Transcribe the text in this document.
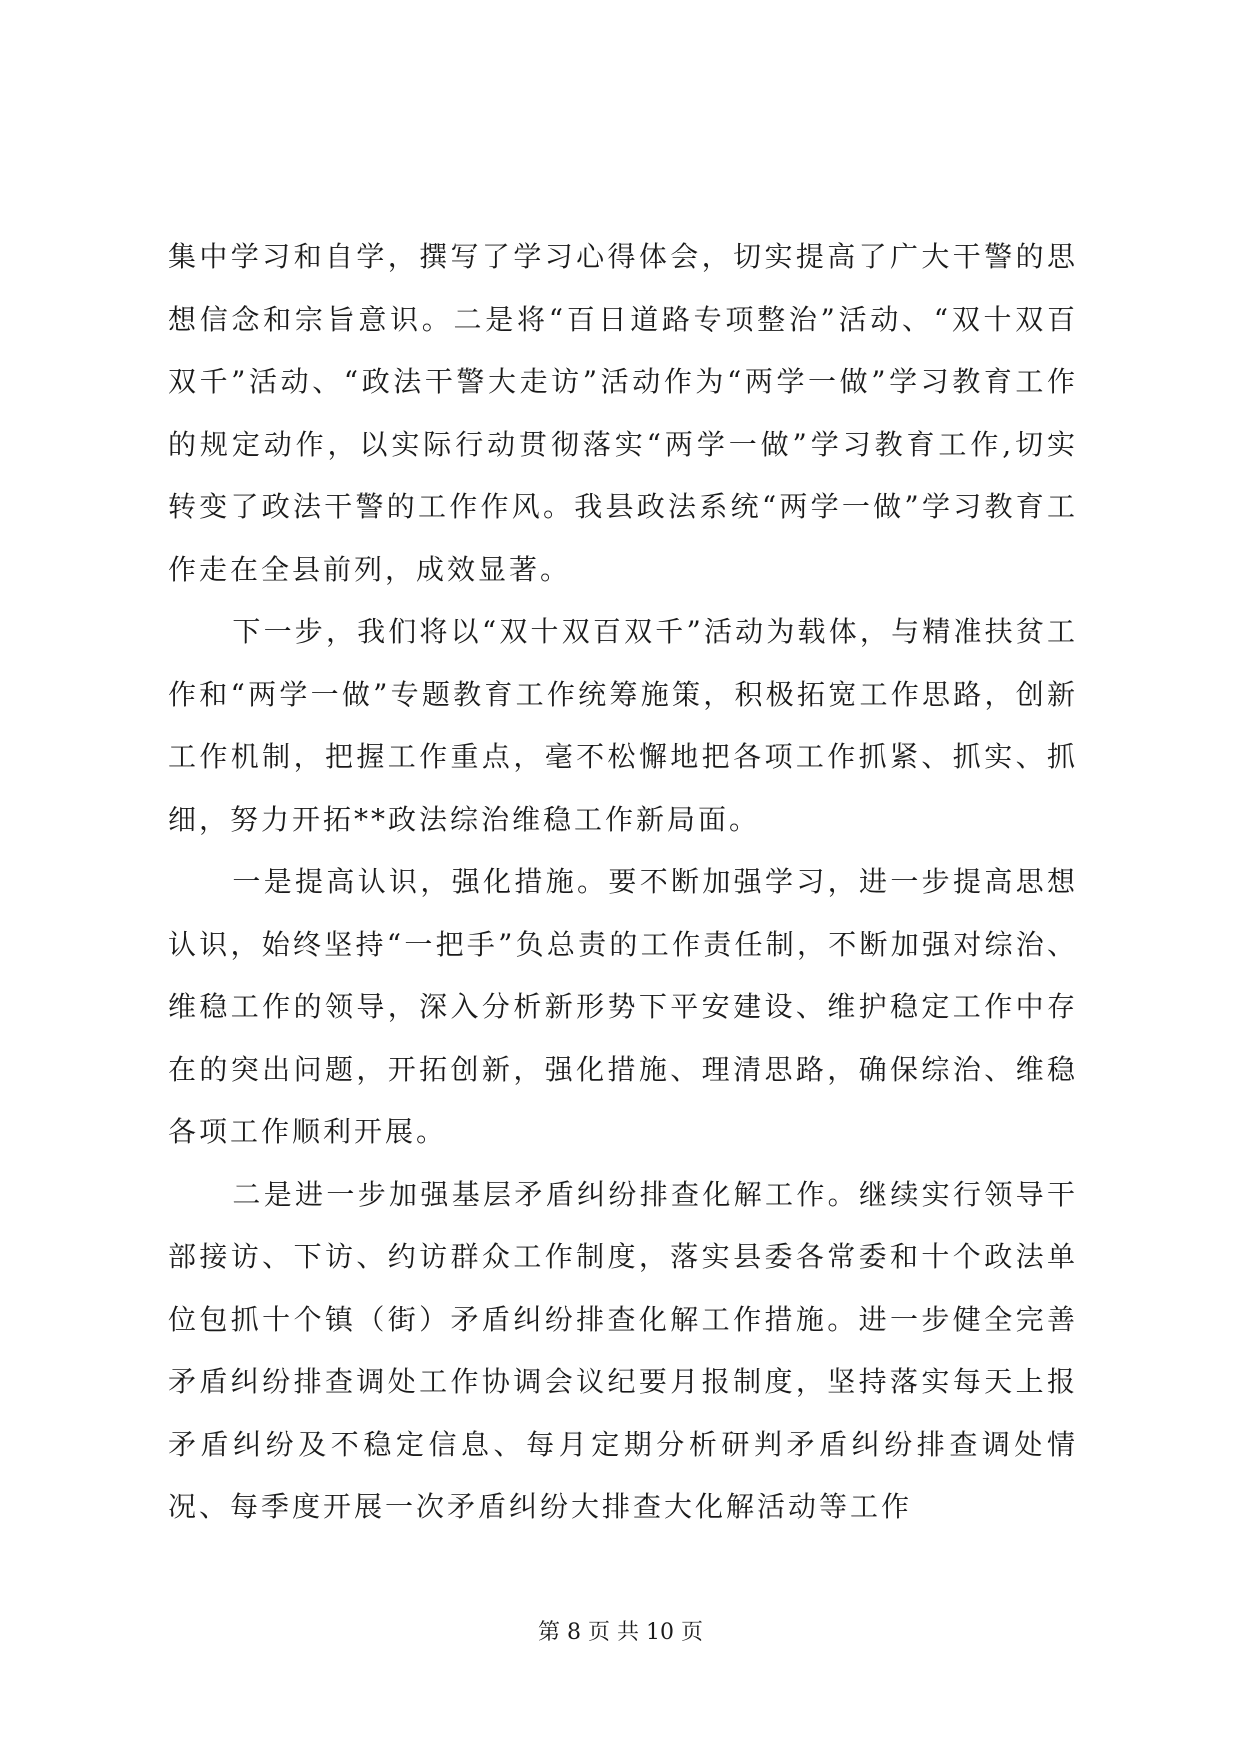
集中学习和自学，撰写了学习心得体会，切实提高了广大干警的思想信念和宗旨意识。二是将“百日道路专项整治”活动、“双十双百双千”活动、“政法干警大走访”活动作为“两学一做”学习教育工作的规定动作，以实际行动贯彻落实“两学一做”学习教育工作,切实转变了政法干警的工作作风。我县政法系统“两学一做”学习教育工作走在全县前列，成效显著。

下一步，我们将以“双十双百双千”活动为载体，与精准扶贫工作和“两学一做”专题教育工作统筹施策，积极拓宽工作思路，创新工作机制，把握工作重点，毫不松懈地把各项工作抓紧、抓实、抓细，努力开拓**政法综治维稳工作新局面。

一是提高认识，强化措施。要不断加强学习，进一步提高思想认识，始终坚持“一把手”负总责的工作责任制，不断加强对综治、维稳工作的领导，深入分析新形势下平安建设、维护稳定工作中存在的突出问题，开拓创新，强化措施、理清思路，确保综治、维稳各项工作顺利开展。

二是进一步加强基层矛盾纠纷排查化解工作。继续实行领导干部接访、下访、约访群众工作制度，落实县委各常委和十个政法单位包抓十个镇（街）矛盾纠纷排查化解工作措施。进一步健全完善矛盾纠纷排查调处工作协调会议纪要月报制度，坚持落实每天上报矛盾纠纷及不稳定信息、每月定期分析研判矛盾纠纷排查调处情况、每季度开展一次矛盾纠纷大排查大化解活动等工作

第 8 页 共 10 页
